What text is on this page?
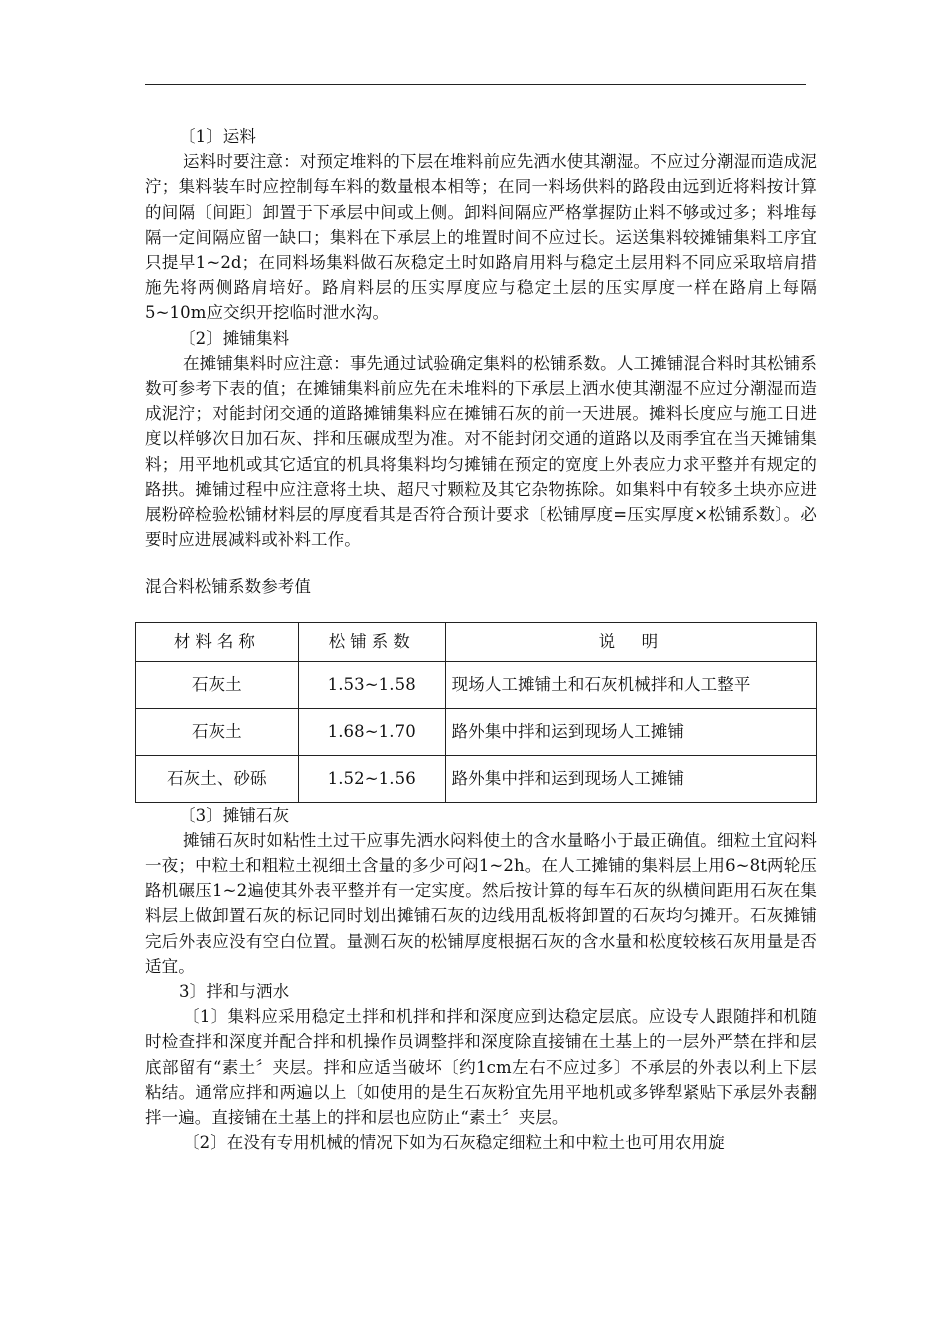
〔1〕运料

运料时要注意：对预定堆料的下层在堆料前应先洒水使其潮湿。不应过分潮湿而造成泥泞；集料装车时应控制每车料的数量根本相等；在同一料场供料的路段由远到近将料按计算的间隔〔间距〕卸置于下承层中间或上侧。卸料间隔应严格掌握防止料不够或过多；料堆每隔一定间隔应留一缺口；集料在下承层上的堆置时间不应过长。运送集料较摊铺集料工序宜只提早1~2d；在同料场集料做石灰稳定土时如路肩用料与稳定土层用料不同应采取培肩措施先将两侧路肩培好。路肩料层的压实厚度应与稳定土层的压实厚度一样在路肩上每隔5~10m应交织开挖临时泄水沟。

〔2〕摊铺集料

在摊铺集料时应注意：事先通过试验确定集料的松铺系数。人工摊铺混合料时其松铺系数可参考下表的值；在摊铺集料前应先在未堆料的下承层上洒水使其潮湿不应过分潮湿而造成泥泞；对能封闭交通的道路摊铺集料应在摊铺石灰的前一天进展。摊料长度应与施工日进度以样够次日加石灰、拌和压碾成型为准。对不能封闭交通的道路以及雨季宜在当天摊铺集料；用平地机或其它适宜的机具将集料均匀摊铺在预定的宽度上外表应力求平整并有规定的路拱。摊铺过程中应注意将土块、超尺寸颗粒及其它杂物拣除。如集料中有较多土块亦应进展粉碎检验松铺材料层的厚度看其是否符合预计要求〔松铺厚度=压实厚度×松铺系数〕。必要时应进展减料或补料工作。

混合料松铺系数参考值

材料名称	松铺系数	说　明
石灰土	1.53~1.58	现场人工摊铺土和石灰机械拌和人工整平
石灰土	1.68~1.70	路外集中拌和运到现场人工摊铺
石灰土、砂砾	1.52~1.56	路外集中拌和运到现场人工摊铺

〔3〕摊铺石灰

摊铺石灰时如粘性土过干应事先洒水闷料使土的含水量略小于最正确值。细粒土宜闷料一夜；中粒土和粗粒土视细土含量的多少可闷1~2h。在人工摊铺的集料层上用6~8t两轮压路机碾压1~2遍使其外表平整并有一定实度。然后按计算的每车石灰的纵横间距用石灰在集料层上做卸置石灰的标记同时划出摊铺石灰的边线用乱板将卸置的石灰均匀摊开。石灰摊铺完后外表应没有空白位置。量测石灰的松铺厚度根据石灰的含水量和松度较核石灰用量是否适宜。

3〕拌和与洒水

〔1〕集料应采用稳定土拌和机拌和拌和深度应到达稳定层底。应设专人跟随拌和机随时检查拌和深度并配合拌和机操作员调整拌和深度除直接铺在土基上的一层外严禁在拌和层底部留有“素土〞夹层。拌和应适当破坏〔约1cm左右不应过多〕不承层的外表以利上下层粘结。通常应拌和两遍以上〔如使用的是生石灰粉宜先用平地机或多铧犁紧贴下承层外表翻拌一遍。直接铺在土基上的拌和层也应防止“素土〞夹层。

〔2〕在没有专用机械的情况下如为石灰稳定细粒土和中粒土也可用农用旋
